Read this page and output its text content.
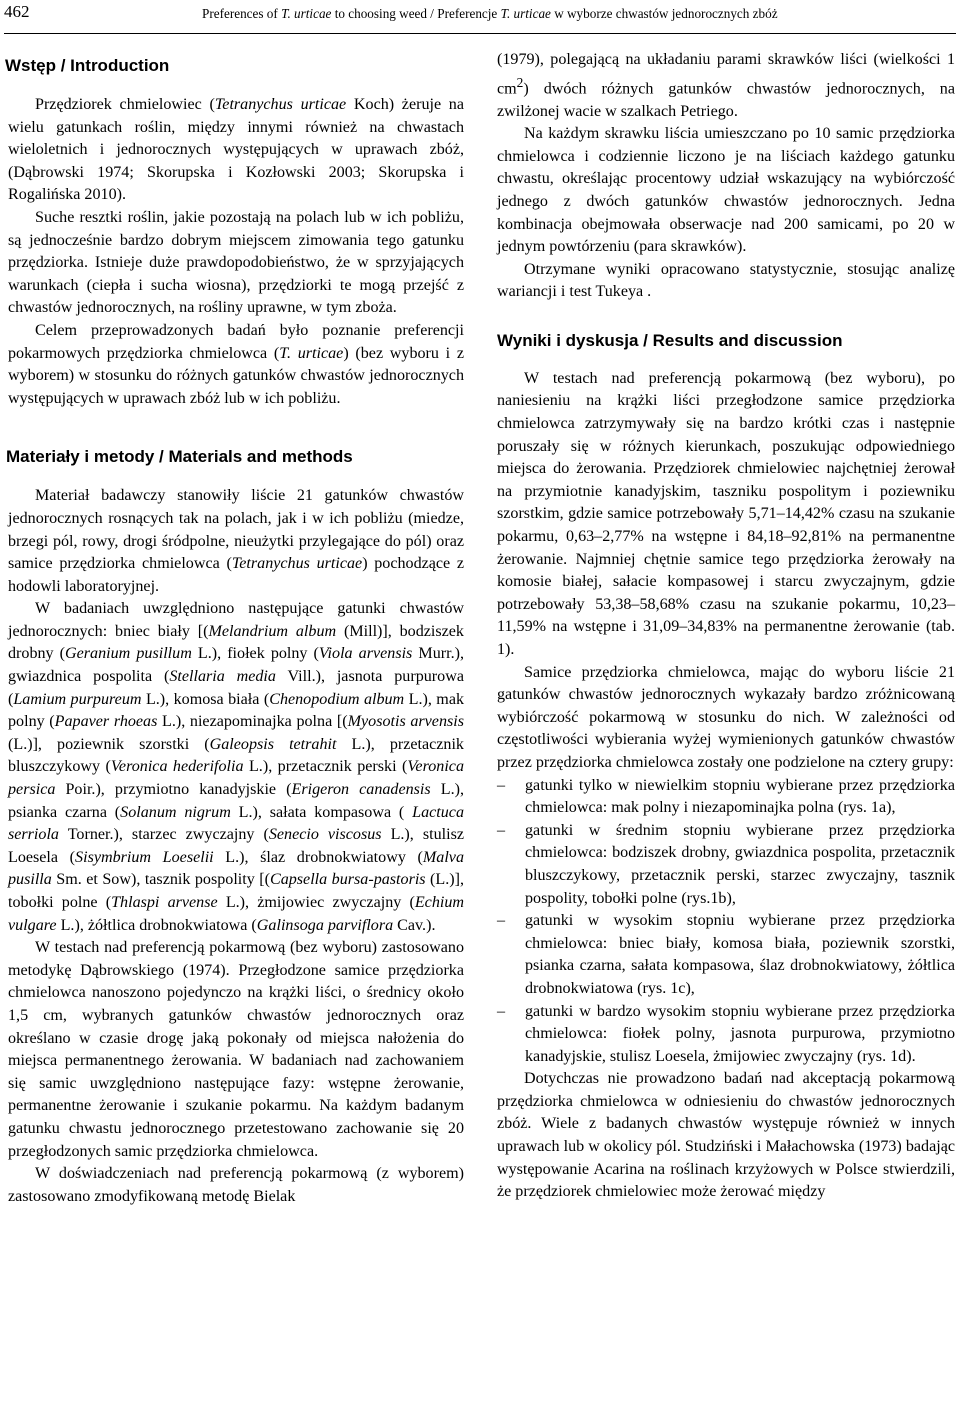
462	Preferences of T. urticae to choosing weed / Preferencje T. urticae w wyborze chwastów jednorocznych zbóż
Wstęp / Introduction

Przędziorek chmielowiec (Tetranychus urticae Koch) żeruje na wielu gatunkach roślin, między innymi również na chwastach wieloletnich i jednorocznych występujących w uprawach zbóż, (Dąbrowski 1974; Skorupska i Kozłowski 2003; Skorupska i Rogalińska 2010).

Suche resztki roślin, jakie pozostają na polach lub w ich pobliżu, są jednocześnie bardzo dobrym miejscem zimowania tego gatunku przędziorka. Istnieje duże prawdopodobieństwo, że w sprzyjających warunkach (ciepła i sucha wiosna), przędziorki te mogą przejść z chwastów jednorocznych, na rośliny uprawne, w tym zboża.

Celem przeprowadzonych badań było poznanie preferencji pokarmowych przędziorka chmielowca (T. urticae) (bez wyboru i z wyborem) w stosunku do różnych gatunków chwastów jednorocznych występujących w uprawach zbóż lub w ich pobliżu.

Materiały i metody / Materials and methods

Materiał badawczy stanowiły liście 21 gatunków chwastów jednorocznych rosnących tak na polach, jak i w ich pobliżu (miedze, brzegi pól, rowy, drogi śródpolne, nieużytki przylegające do pól) oraz samice przędziorka chmielowca (Tetranychus urticae) pochodzące z hodowli laboratoryjnej.

W badaniach uwzględniono następujące gatunki chwastów jednorocznych: bniec biały [(Melandrium album (Mill)], bodziszek drobny (Geranium pusillum L.), fiołek polny (Viola arvensis Murr.), gwiazdnica pospolita (Stellaria media Vill.), jasnota purpurowa (Lamium purpureum L.), komosa biała (Chenopodium album L.), mak polny (Papaver rhoeas L.), niezapominajka polna [(Myosotis arvensis (L.)], poziewnik szorstki (Galeopsis tetrahit L.), przetacznik bluszczykowy (Veronica hederifolia L.), przetacznik perski (Veronica persica Poir.), przymiotno kanadyjskie (Erigeron canadensis L.), psianka czarna (Solanum nigrum L.), sałata kompasowa ( Lactuca serriola Torner.), starzec zwyczajny (Senecio viscosus L.), stulisz Loesela (Sisymbrium Loeselii L.), ślaz drobnokwiatowy (Malva pusilla Sm. et Sow), tasznik pospolity [(Capsella bursa-pastoris (L.)], tobołki polne (Thlaspi arvense L.), żmijowiec zwyczajny (Echium vulgare L.), żółtlica drobnokwiatowa (Galinsoga parviflora Cav.).

W testach nad preferencją pokarmową (bez wyboru) zastosowano metodykę Dąbrowskiego (1974). Przegłodzone samice przędziorka chmielowca nanoszono pojedynczo na krążki liści, o średnicy około 1,5 cm, wybranych gatunków chwastów jednorocznych oraz określano w czasie drogę jaką pokonały od miejsca nałożenia do miejsca permanentnego żerowania. W badaniach nad zachowaniem się samic uwzględniono następujące fazy: wstępne żerowanie, permanentne żerowanie i szukanie pokarmu. Na każdym badanym gatunku chwastu jednorocznego przetestowano zachowanie się 20 przegłodzonych samic przędziorka chmielowca.

W doświadczeniach nad preferencją pokarmową (z wyborem) zastosowano zmodyfikowaną metodę Bielak

(1979), polegającą na układaniu parami skrawków liści (wielkości 1 $cm^2$) dwóch różnych gatunków chwastów jednorocznych, na zwilżonej wacie w szalkach Petriego.

Na każdym skrawku liścia umieszczano po 10 samic przędziorka chmielowca i codziennie liczono je na liściach każdego gatunku chwastu, określając procentowy udział wskazujący na wybiórczość jednego z dwóch gatunków chwastów jednorocznych. Jedna kombinacja obejmowała obserwacje nad 200 samicami, po 20 w jednym powtórzeniu (para skrawków).

Otrzymane wyniki opracowano statystycznie, stosując analizę wariancji i test Tukeya .

Wyniki i dyskusja / Results and discussion

W testach nad preferencją pokarmową (bez wyboru), po naniesieniu na krążki liści przegłodzone samice przędziorka chmielowca zatrzymywały się na bardzo krótki czas i następnie poruszały się w różnych kierunkach, poszukując odpowiedniego miejsca do żerowania. Przędziorek chmielowiec najchętniej żerował na przymiotnie kanadyjskim, taszniku pospolitym i poziewniku szorstkim, gdzie samice potrzebowały 5,71–14,42% czasu na szukanie pokarmu, 0,63–2,77% na wstępne i 84,18–92,81% na permanentne żerowanie. Najmniej chętnie samice tego przędziorka żerowały na komosie białej, sałacie kompasowej i starcu zwyczajnym, gdzie potrzebowały 53,38–58,68% czasu na szukanie pokarmu, 10,23–11,59% na wstępne i 31,09–34,83% na permanentne żerowanie (tab. 1).

Samice przędziorka chmielowca, mając do wyboru liście 21 gatunków chwastów jednorocznych wykazały bardzo zróżnicowaną wybiórczość pokarmową w stosunku do nich. W zależności od częstotliwości wybierania wyżej wymienionych gatunków chwastów przez przędziorka chmielowca zostały one podzielone na cztery grupy:

– gatunki tylko w niewielkim stopniu wybierane przez przędziorka chmielowca: mak polny i niezapominajka polna (rys. 1a),
– gatunki w średnim stopniu wybierane przez przędziorka chmielowca: bodziszek drobny, gwiazdnica pospolita, przetacznik bluszczykowy, przetacznik perski, starzec zwyczajny, tasznik pospolity, tobołki polne (rys.1b),
– gatunki w wysokim stopniu wybierane przez przędziorka chmielowca: bniec biały, komosa biała, poziewnik szorstki, psianka czarna, sałata kompasowa, ślaz drobnokwiatowy, żółtlica drobnokwiatowa (rys. 1c),
– gatunki w bardzo wysokim stopniu wybierane przez przędziorka chmielowca: fiołek polny, jasnota purpurowa, przymiotno kanadyjskie, stulisz Loesela, żmijowiec zwyczajny (rys. 1d).

Dotychczas nie prowadzono badań nad akceptacją pokarmową przędziorka chmielowca w odniesieniu do chwastów jednorocznych zbóż. Wiele z badanych chwastów występuje również w innych uprawach lub w okolicy pól. Studziński i Małachowska (1973) badając występowanie Acarina na roślinach krzyżowych w Polsce stwierdzili, że przędziorek chmielowiec może żerować między
